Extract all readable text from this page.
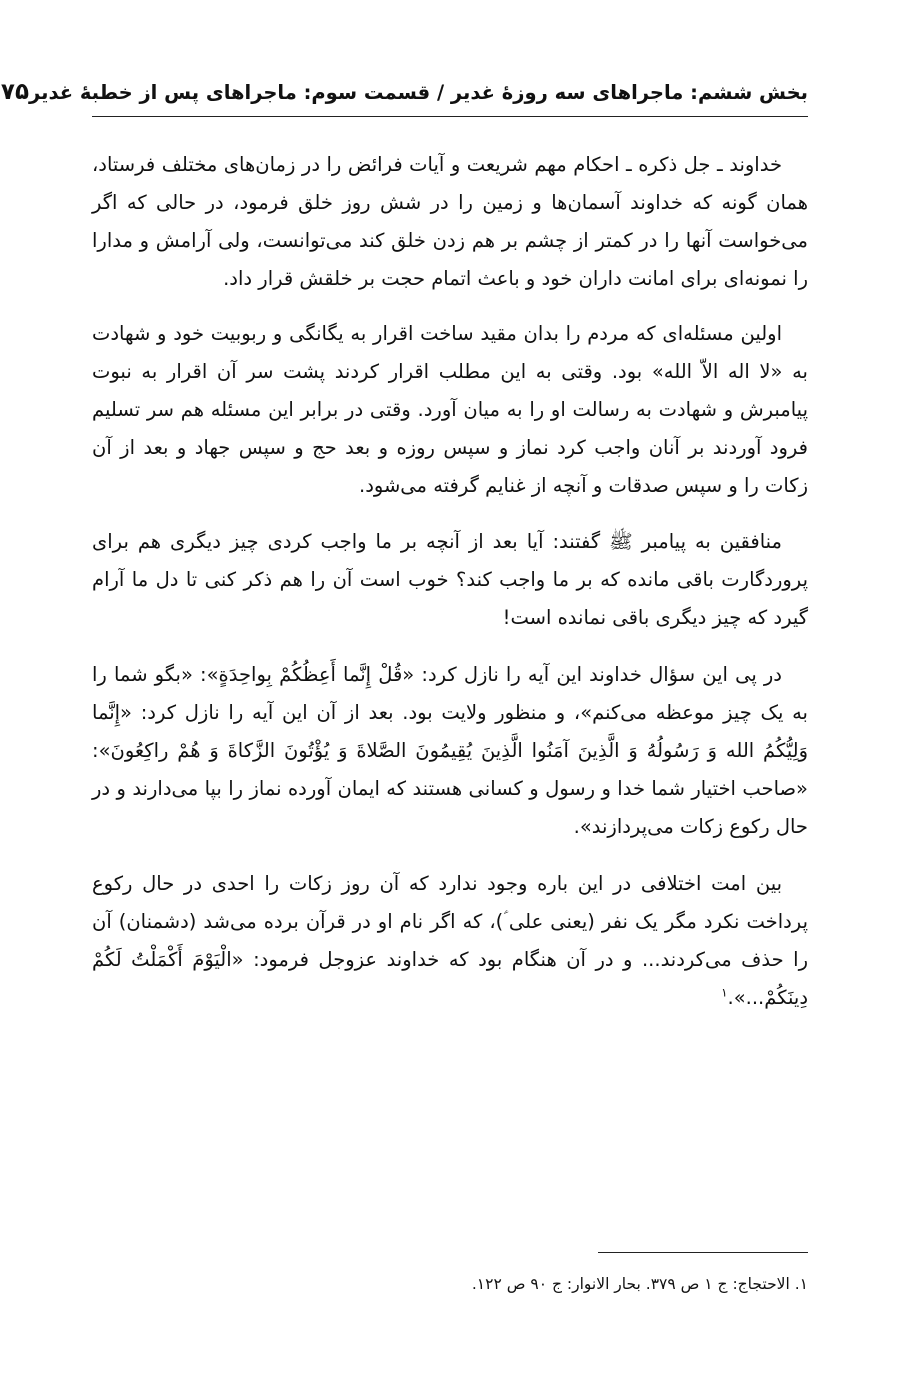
بخش ششم: ماجراهای سه روزۀ غدیر / قسمت سوم: ماجراهای پس از خطبۀ غدیر
۷۵

خداوند ـ جل ذکره ـ احکام مهم شریعت و آیات فرائض را در زمان‌های مختلف فرستاد، همان گونه که خداوند آسمان‌ها و زمین را در شش روز خلق فرمود، در حالی که اگر می‌خواست آنها را در کمتر از چشم بر هم زدن خلق کند می‌توانست، ولی آرامش و مدارا را نمونه‌ای برای امانت داران خود و باعث اتمام حجت بر خلقش قرار داد.

اولین مسئله‌ای که مردم را بدان مقید ساخت اقرار به یگانگی و ربوبیت خود و شهادت به «لا اله الاّ الله» بود. وقتی به این مطلب اقرار کردند پشت سر آن اقرار به نبوت پیامبرش و شهادت به رسالت او را به میان آورد. وقتی در برابر این مسئله هم سر تسلیم فرود آوردند بر آنان واجب کرد نماز و سپس روزه و بعد حج و سپس جهاد و بعد از آن زکات را و سپس صدقات و آنچه از غنایم گرفته می‌شود.

منافقین به پیامبر ﷺ گفتند: آیا بعد از آنچه بر ما واجب کردی چیز دیگری هم برای پروردگارت باقی مانده که بر ما واجب کند؟ خوب است آن را هم ذکر کنی تا دل ما آرام گیرد که چیز دیگری باقی نمانده است!

در پی این سؤال خداوند این آیه را نازل کرد: «قُلْ إِنَّما أَعِظُكُمْ بِواحِدَةٍ»: «بگو شما را به یک چیز موعظه می‌کنم»، و منظور ولایت بود. بعد از آن این آیه را نازل کرد: «إِنَّما وَلِيُّكُمُ الله وَ رَسُولُهُ وَ الَّذِينَ آمَنُوا الَّذِينَ يُقِيمُونَ الصَّلاةَ وَ يُؤْتُونَ الزَّكاةَ وَ هُمْ راكِعُونَ»: «صاحب اختیار شما خدا و رسول و کسانی هستند که ایمان آورده نماز را بپا می‌دارند و در حال رکوع زکات می‌پردازند».

بین امت اختلافی در این باره وجود ندارد که آن روز زکات را احدی در حال رکوع پرداخت نکرد مگر یک نفر (یعنی علی ؑ)، که اگر نام او در قرآن برده می‌شد (دشمنان) آن را حذف می‌کردند... و در آن هنگام بود که خداوند عزوجل فرمود: «الْيَوْمَ أَكْمَلْتُ لَكُمْ دِينَكُمْ...».$^۱$

۱. الاحتجاج: ج ۱ ص ۳۷۹. بحار الانوار: ج ۹۰ ص ۱۲۲.
